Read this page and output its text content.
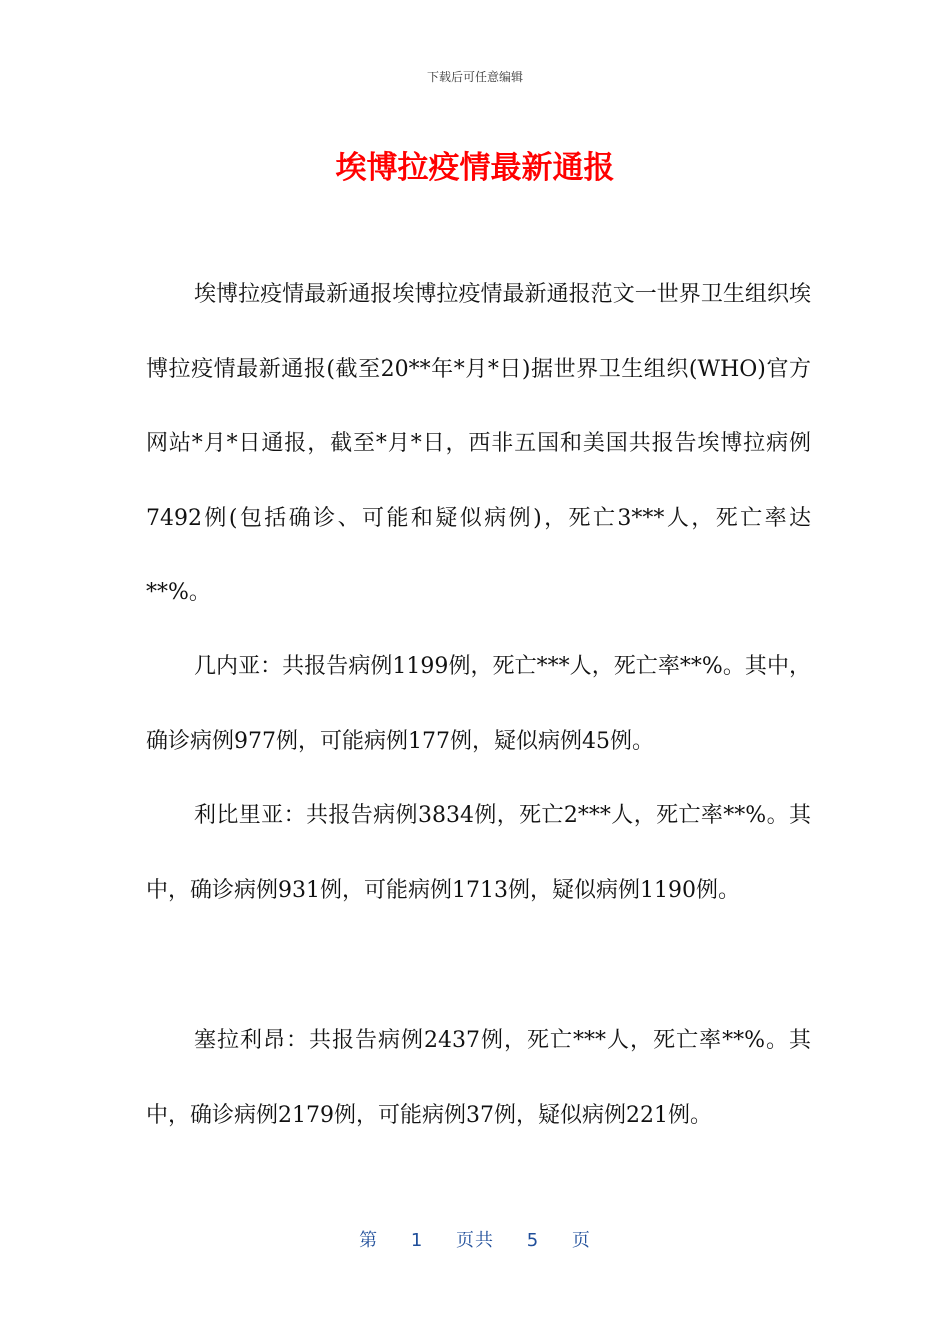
下载后可任意编辑
埃博拉疫情最新通报

埃博拉疫情最新通报埃博拉疫情最新通报范文一世界卫生组织埃博拉疫情最新通报(截至20**年*月*日)据世界卫生组织(WHO)官方网站*月*日通报，截至*月*日，西非五国和美国共报告埃博拉病例7492例(包括确诊、可能和疑似病例)，死亡3***人，死亡率达**%。

几内亚：共报告病例1199例，死亡***人，死亡率**%。其中，确诊病例977例，可能病例177例，疑似病例45例。

利比里亚：共报告病例3834例，死亡2***人，死亡率**%。其中，确诊病例931例，可能病例1713例，疑似病例1190例。

塞拉利昂：共报告病例2437例，死亡***人，死亡率**%。其中，确诊病例2179例，可能病例37例，疑似病例221例。

第 1 页共 5 页
